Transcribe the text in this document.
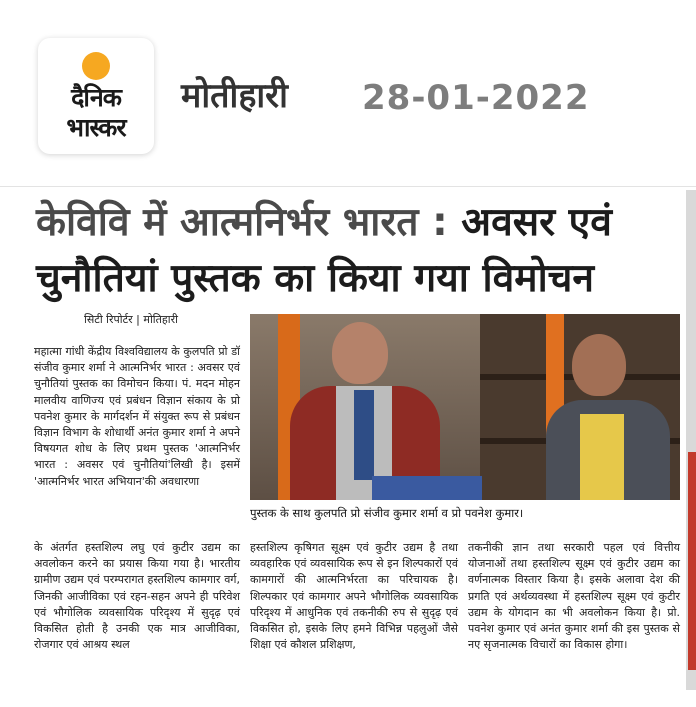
दैनिक
भास्कर
मोतीहारी 28-01-2022
केविवि में आत्मनिर्भर भारत : अवसर एवं
चुनौतियां पुस्तक का किया गया विमोचन
सिटी रिपोर्टर | मोतिहारी
महात्मा गांधी केंद्रीय विश्वविद्यालय के कुलपति प्रो डॉ संजीव कुमार शर्मा ने आत्मनिर्भर भारत : अवसर एवं चुनौतियां पुस्तक का विमोचन किया। पं. मदन मोहन मालवीय वाणिज्य एवं प्रबंधन विज्ञान संकाय के प्रो पवनेश कुमार के मार्गदर्शन में संयुक्त रूप से प्रबंधन विज्ञान विभाग के शोधार्थी अनंत कुमार शर्मा ने अपने विषयगत शोध के लिए प्रथम पुस्तक 'आत्मनिर्भर भारत : अवसर एवं चुनौतियां'लिखी है। इसमें 'आत्मनिर्भर भारत अभियान'की अवधारणा
पुस्तक के साथ कुलपति प्रो संजीव कुमार शर्मा व प्रो पवनेश कुमार।
के अंतर्गत हस्तशिल्प लघु एवं कुटीर उद्यम का अवलोकन करने का प्रयास किया गया है। भारतीय ग्रामीण उद्यम एवं परम्परागत हस्तशिल्प कामगार वर्ग, जिनकी आजीविका एवं रहन-सहन अपने ही परिवेश एवं भौगोलिक व्यवसायिक परिदृश्य में सुदृढ़ एवं विकसित होती है उनकी एक मात्र आजीविका, रोजगार एवं आश्रय स्थल
हस्तशिल्प कृषिगत सूक्ष्म एवं कुटीर उद्यम है तथा व्यवहारिक एवं व्यवसायिक रूप से इन शिल्पकारों एवं कामगारों की आत्मनिर्भरता का परिचायक है। शिल्पकार एवं कामगार अपने भौगोलिक व्यवसायिक परिदृश्य में आधुनिक एवं तकनीकी रुप से सुदृढ़ एवं विकसित हो, इसके लिए हमने विभिन्न पहलुओं जैसे शिक्षा एवं कौशल प्रशिक्षण,
तकनीकी ज्ञान तथा सरकारी पहल एवं वित्तीय योजनाओं तथा हस्तशिल्प सूक्ष्म एवं कुटीर उद्यम का वर्णनात्मक विस्तार किया है। इसके अलावा देश की प्रगति एवं अर्थव्यवस्था में हस्तशिल्प सूक्ष्म एवं कुटीर उद्यम के योगदान का भी अवलोकन किया है। प्रो. पवनेश कुमार एवं अनंत कुमार शर्मा की इस पुस्तक से नए सृजनात्मक विचारों का विकास होगा।
